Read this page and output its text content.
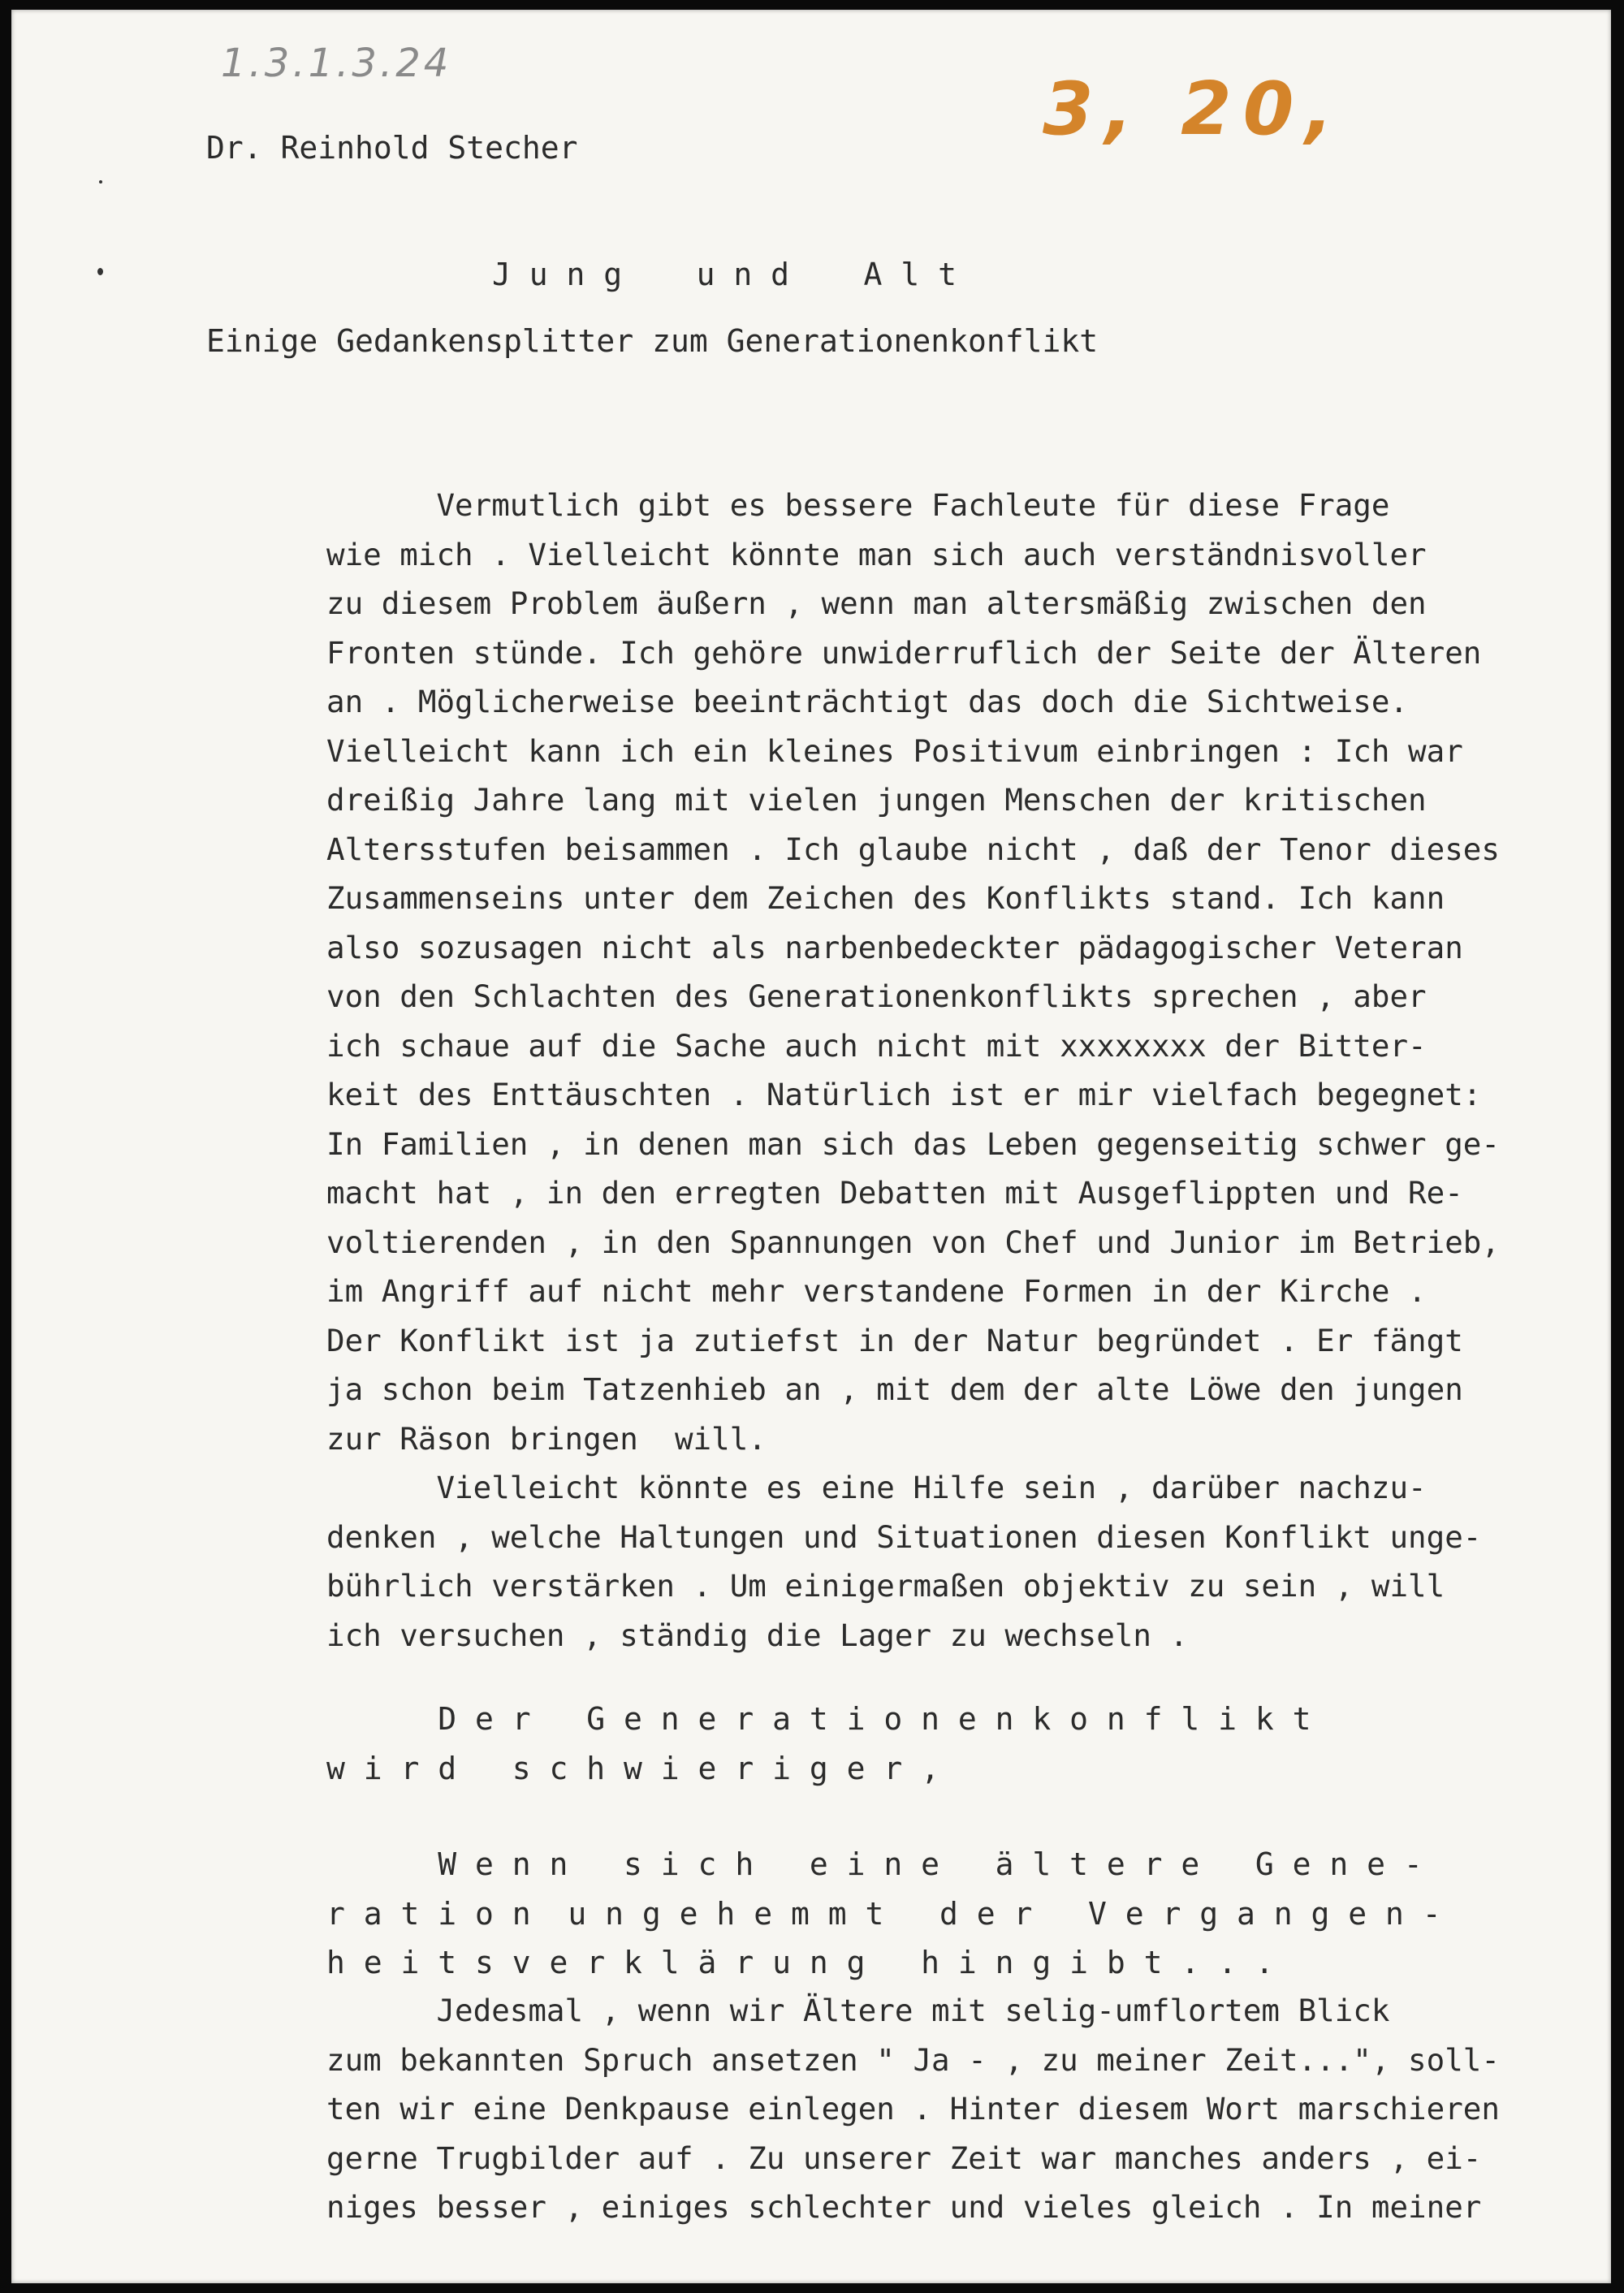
1.3.1.3.24
3, 20,
Dr. Reinhold Stecher
J u n g    u n d    A l t
Einige Gedankensplitter zum Generationenkonflikt
Vermutlich gibt es bessere Fachleute für diese Frage
wie mich . Vielleicht könnte man sich auch verständnisvoller
zu diesem Problem äußern , wenn man altersmäßig zwischen den
Fronten stünde. Ich gehöre unwiderruflich der Seite der Älteren
an . Möglicherweise beeinträchtigt das doch die Sichtweise.
Vielleicht kann ich ein kleines Positivum einbringen : Ich war
dreißig Jahre lang mit vielen jungen Menschen der kritischen
Altersstufen beisammen . Ich glaube nicht , daß der Tenor dieses
Zusammenseins unter dem Zeichen des Konflikts stand. Ich kann
also sozusagen nicht als narbenbedeckter pädagogischer Veteran
von den Schlachten des Generationenkonflikts sprechen , aber
ich schaue auf die Sache auch nicht mit xxxxxxxx der Bitter-
keit des Enttäuschten . Natürlich ist er mir vielfach begegnet:
In Familien , in denen man sich das Leben gegenseitig schwer ge-
macht hat , in den erregten Debatten mit Ausgeflippten und Re-
voltierenden , in den Spannungen von Chef und Junior im Betrieb,
im Angriff auf nicht mehr verstandene Formen in der Kirche .
Der Konflikt ist ja zutiefst in der Natur begründet . Er fängt
ja schon beim Tatzenhieb an , mit dem der alte Löwe den jungen
zur Räson bringen  will.
Vielleicht könnte es eine Hilfe sein , darüber nachzu-
denken , welche Haltungen und Situationen diesen Konflikt unge-
bührlich verstärken . Um einigermaßen objektiv zu sein , will
ich versuchen , ständig die Lager zu wechseln .
D e r   G e n e r a t i o n e n k o n f l i k t
w i r d   s c h w i e r i g e r ,
W e n n   s i c h   e i n e   ä l t e r e   G e n e -
r a t i o n  u n g e h e m m t   d e r   V e r g a n g e n -
h e i t s v e r k l ä r u n g   h i n g i b t . . .
Jedesmal , wenn wir Ältere mit selig-umflortem Blick
zum bekannten Spruch ansetzen " Ja - , zu meiner Zeit...", soll-
ten wir eine Denkpause einlegen . Hinter diesem Wort marschieren
gerne Trugbilder auf . Zu unserer Zeit war manches anders , ei-
niges besser , einiges schlechter und vieles gleich . In meiner
